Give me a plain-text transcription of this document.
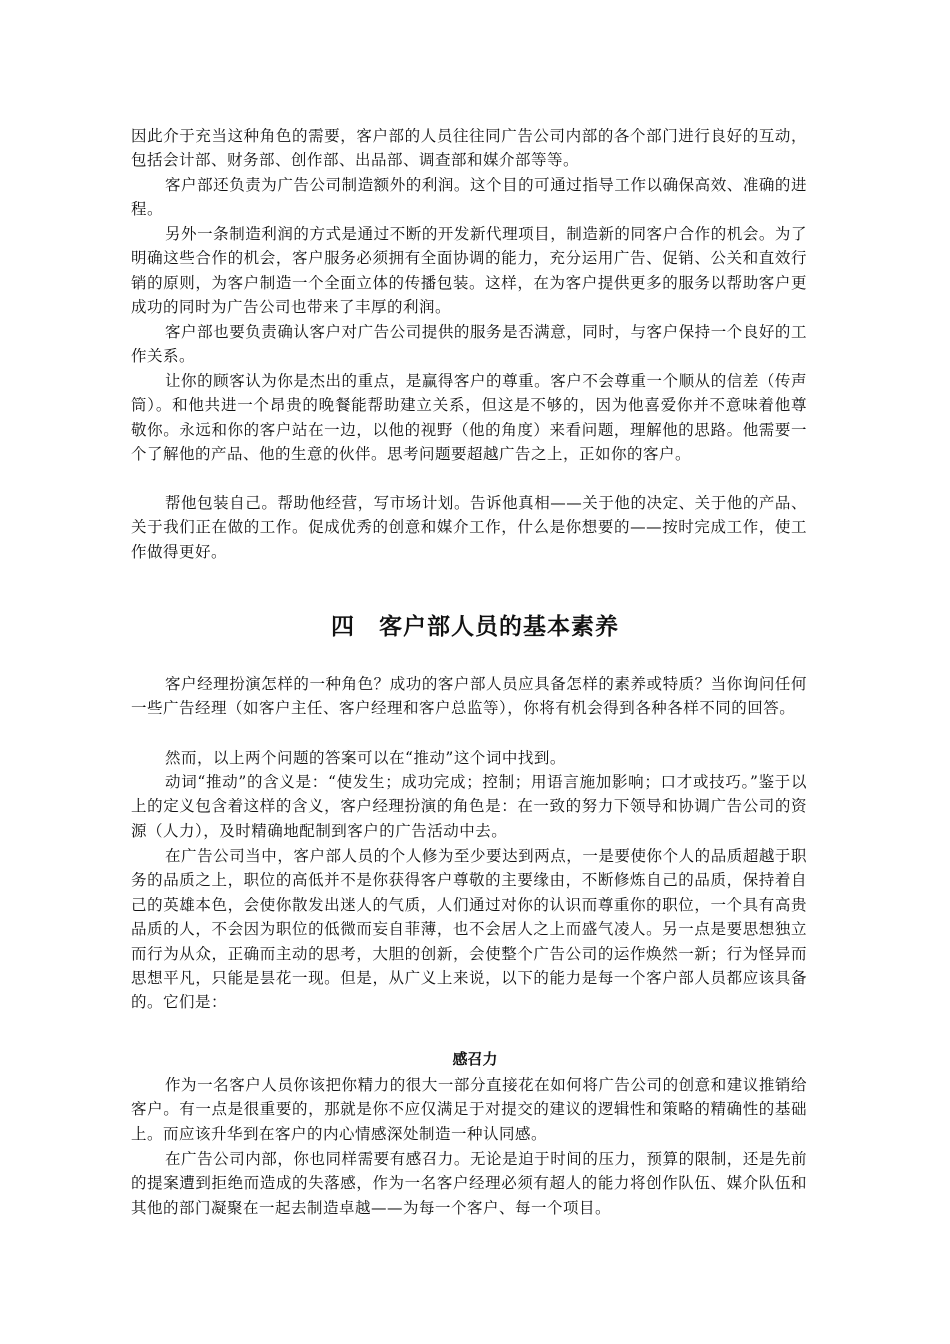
因此介于充当这种角色的需要，客户部的人员往往同广告公司内部的各个部门进行良好的互动，包括会计部、财务部、创作部、出品部、调查部和媒介部等等。

客户部还负责为广告公司制造额外的利润。这个目的可通过指导工作以确保高效、准确的进程。

另外一条制造利润的方式是通过不断的开发新代理项目，制造新的同客户合作的机会。为了明确这些合作的机会，客户服务必须拥有全面协调的能力，充分运用广告、促销、公关和直效行销的原则，为客户制造一个全面立体的传播包装。这样，在为客户提供更多的服务以帮助客户更成功的同时为广告公司也带来了丰厚的利润。

客户部也要负责确认客户对广告公司提供的服务是否满意，同时，与客户保持一个良好的工作关系。

让你的顾客认为你是杰出的重点，是赢得客户的尊重。客户不会尊重一个顺从的信差（传声筒）。和他共进一个昂贵的晚餐能帮助建立关系，但这是不够的，因为他喜爱你并不意味着他尊敬你。永远和你的客户站在一边，以他的视野（他的角度）来看问题，理解他的思路。他需要一个了解他的产品、他的生意的伙伴。思考问题要超越广告之上，正如你的客户。

帮他包装自己。帮助他经营，写市场计划。告诉他真相——关于他的决定、关于他的产品、关于我们正在做的工作。促成优秀的创意和媒介工作，什么是你想要的——按时完成工作，使工作做得更好。

四　客户部人员的基本素养

客户经理扮演怎样的一种角色？成功的客户部人员应具备怎样的素养或特质？当你询问任何一些广告经理（如客户主任、客户经理和客户总监等），你将有机会得到各种各样不同的回答。

然而，以上两个问题的答案可以在“推动”这个词中找到。

动词“推动”的含义是：“使发生；成功完成；控制；用语言施加影响；口才或技巧。”鉴于以上的定义包含着这样的含义，客户经理扮演的角色是：在一致的努力下领导和协调广告公司的资源（人力），及时精确地配制到客户的广告活动中去。

在广告公司当中，客户部人员的个人修为至少要达到两点，一是要使你个人的品质超越于职务的品质之上，职位的高低并不是你获得客户尊敬的主要缘由，不断修炼自己的品质，保持着自己的英雄本色，会使你散发出迷人的气质，人们通过对你的认识而尊重你的职位，一个具有高贵品质的人，不会因为职位的低微而妄自菲薄，也不会居人之上而盛气凌人。另一点是要思想独立而行为从众，正确而主动的思考，大胆的创新，会使整个广告公司的运作焕然一新；行为怪异而思想平凡，只能是昙花一现。但是，从广义上来说，以下的能力是每一个客户部人员都应该具备的。它们是：

感召力

作为一名客户人员你该把你精力的很大一部分直接花在如何将广告公司的创意和建议推销给客户。有一点是很重要的，那就是你不应仅满足于对提交的建议的逻辑性和策略的精确性的基础上。而应该升华到在客户的内心情感深处制造一种认同感。

在广告公司内部，你也同样需要有感召力。无论是迫于时间的压力，预算的限制，还是先前的提案遭到拒绝而造成的失落感，作为一名客户经理必须有超人的能力将创作队伍、媒介队伍和其他的部门凝聚在一起去制造卓越——为每一个客户、每一个项目。
